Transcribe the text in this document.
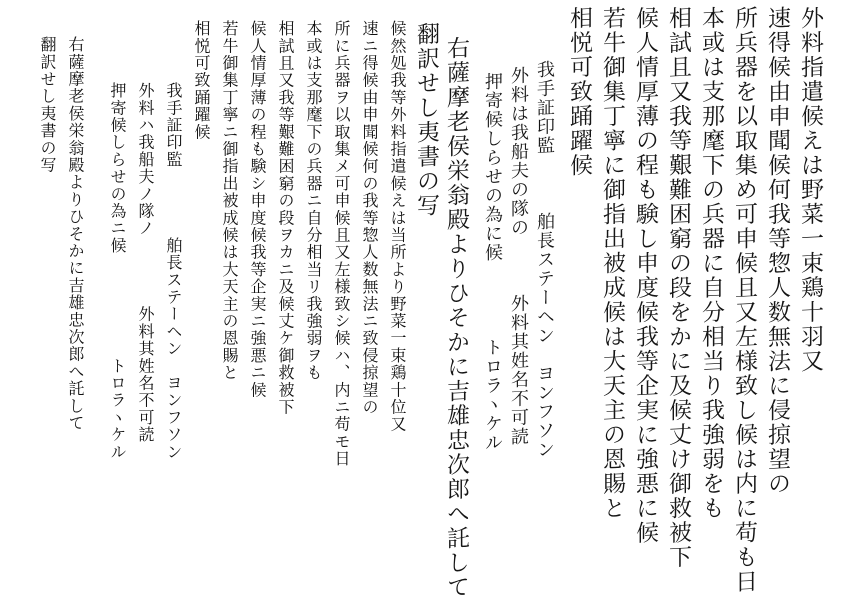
外料指遣候えは野菜一束鶏十羽又
速得候由申聞候何我等惣人数無法に侵掠望の
所兵器を以取集め可申候且又左様致し候は内に苟も日
本或は支那麾下の兵器に自分相当り我強弱をも
相試且又我等艱難困窮の段をかに及候丈け御救被下
候人情厚薄の程も験し申度候我等企実に強悪に候
若牛御集丁寧に御指出被成候は大天主の恩賜と
相悦可致踊躍候
我手証印監　　　舶長ステーヘン　ヨンフソン
外料は我船夫の隊の　　　外料其姓名不可読
押寄候しらせの為に候　　　　トロラヽケル
右薩摩老侯栄翁殿よりひそかに吉雄忠次郎へ託して
翻訳せし夷書の写
候然処我等外料指遣候えは当所より野菜一束鶏十位又
速ニ得候由申聞候何の我等惣人数無法ニ致侵掠望の
所に兵器ヲ以取集メ可申候且又左様致シ候ハ、内ニ苟モ日
本或は支那麾下の兵器ニ自分相当リ我強弱ヲも
相試且又我等艱難困窮の段ヲカニ及候丈ケ御救被下
候人情厚薄の程も験シ申度候我等企実ニ強悪ニ候
若牛御集丁寧ニ御指出被成候は大天主の恩賜と
相悦可致踊躍候
我手証印監　　　　舶長ステーヘン　ヨンフソン
外料ハ我船夫ノ隊ノ　　　　外料其姓名不可読
押寄候しらせの為ニ候　　　　　　トロラヽケル
右薩摩老侯栄翁殿よりひそかに吉雄忠次郎へ託して
翻訳せし夷書の写
